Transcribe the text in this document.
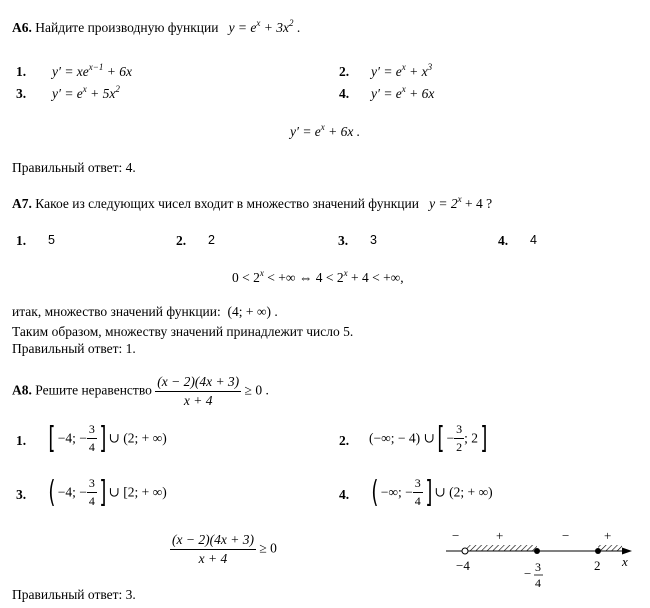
А6. Найдите производную функции $y = e^x + 3x^2$ .
1. $y' = xe^{x-1} + 6x$	2. $y' = e^x + x^3$
3. $y' = e^x + 5x^2$	4. $y' = e^x + 6x$
$y' = e^x + 6x$ .
Правильный ответ: 4.
А7. Какое из следующих чисел входит в множество значений функции $y = 2^x + 4$ ?
1. 5	2. 2	3. 3	4. 4
$0 < 2^x$ < +∞ ⇔ $4 < 2^x + 4$ < +∞,
итак, множество значений функции: (4; + ∞) .
Таким образом, множеству значений принадлежит число 5.
Правильный ответ: 1.
А8. Решите неравенство $\frac{(x - 2)(4x + 3)}{x + 4} \ge 0$ .
1. [ −4; − $\frac{3}{4}$ ] ∪ (2; + ∞)	2. (−∞; − 4) ∪[ − $\frac{3}{2}$ ; 2]
3. ( −4; − $\frac{3}{4}$ ] ∪ [2; + ∞)	4. ( −∞; − $\frac{3}{4}$ ] ∪ (2; + ∞)
$\frac{(x - 2)(4x + 3)}{x + 4} \ge 0$
−	+	−	+
−4
− 3
4
2 x
Правильный ответ: 3.
